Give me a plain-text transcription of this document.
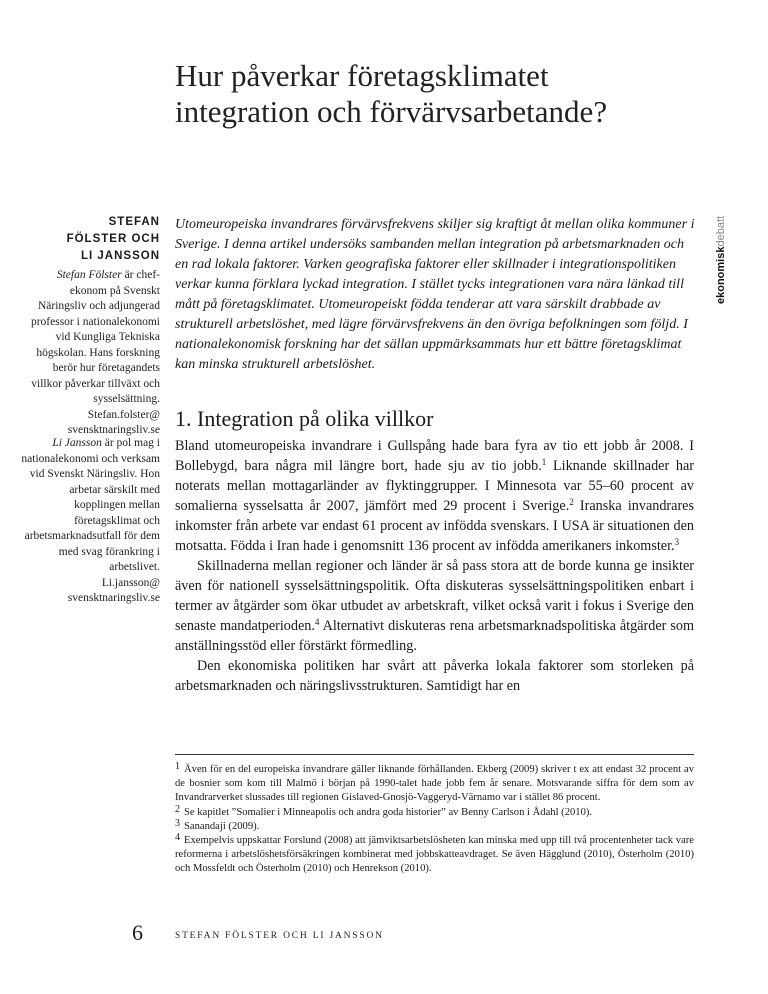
Hur påverkar företagsklimatet
integration och förvärvsarbetande?
ekonomiskdebatt

STEFAN
FÖLSTER OCH
LI JANSSON

Stefan Fölster är chef-ekonom på Svenskt Näringsliv och adjungerad professor i nationalekonomi vid Kungliga Tekniska högskolan. Hans forskning berör hur företagandets villkor påverkar tillväxt och sysselsättning.
Stefan.folster@ svensktnaringsliv.se

Li Jansson är pol mag i nationalekonomi och verksam vid Svenskt Näringsliv. Hon arbetar särskilt med kopplingen mellan företagsklimat och arbetsmarknadsutfall för dem med svag förankring i arbetslivet.
Li.jansson@ svensktnaringsliv.se

Utomeuropeiska invandrares förvärvsfrekvens skiljer sig kraftigt åt mellan olika kommuner i Sverige. I denna artikel undersöks sambanden mellan integration på arbetsmarknaden och en rad lokala faktorer. Varken geografiska faktorer eller skillnader i integrationspolitiken verkar kunna förklara lyckad integration. I stället tycks integrationen vara nära länkad till mått på företagsklimatet. Utomeuropeiskt födda tenderar att vara särskilt drabbade av strukturell arbetslöshet, med lägre förvärvsfrekvens än den övriga befolkningen som följd. I nationalekonomisk forskning har det sällan uppmärksammats hur ett bättre företagsklimat kan minska strukturell arbetslöshet.

1. Integration på olika villkor

Bland utomeuropeiska invandrare i Gullspång hade bara fyra av tio ett jobb år 2008. I Bollebygd, bara några mil längre bort, hade sju av tio jobb.$^1$ Liknande skillnader har noterats mellan mottagarländer av flyktinggrupper. I Minnesota var 55–60 procent av somalierna sysselsatta år 2007, jämfört med 29 procent i Sverige.$^2$ Iranska invandrares inkomster från arbete var endast 61 procent av infödda svenskars. I USA är situationen den motsatta. Födda i Iran hade i genomsnitt 136 procent av infödda amerikaners inkomster.$^3$

Skillnaderna mellan regioner och länder är så pass stora att de borde kunna ge insikter även för nationell sysselsättningspolitik. Ofta diskuteras sysselsättningspolitiken enbart i termer av åtgärder som ökar utbudet av arbetskraft, vilket också varit i fokus i Sverige den senaste mandatperioden.$^4$ Alternativt diskuteras rena arbetsmarknadspolitiska åtgärder som anställningsstöd eller förstärkt förmedling.

Den ekonomiska politiken har svårt att påverka lokala faktorer som storleken på arbetsmarknaden och näringslivsstrukturen. Samtidigt har en

$^1$ Även för en del europeiska invandrare gäller liknande förhållanden. Ekberg (2009) skriver t ex att endast 32 procent av de bosnier som kom till Malmö i början på 1990-talet hade jobb fem år senare. Motsvarande siffra för dem som av Invandrarverket slussades till regionen Gislaved-Gnosjö-Vaggeryd-Värnamo var i stället 86 procent.

$^2$ Se kapitlet ”Somalier i Minneapolis och andra goda historier” av Benny Carlson i Ådahl (2010).

$^3$ Sanandaji (2009).

$^4$ Exempelvis uppskattar Forslund (2008) att jämviktsarbetslösheten kan minska med upp till två procentenheter tack vare reformerna i arbetslöshetsförsäkringen kombinerat med jobbskatteavdraget. Se även Hägglund (2010), Österholm (2010) och Mossfeldt och Österholm (2010) och Henrekson (2010).

6	STEFAN FÖLSTER OCH LI JANSSON
